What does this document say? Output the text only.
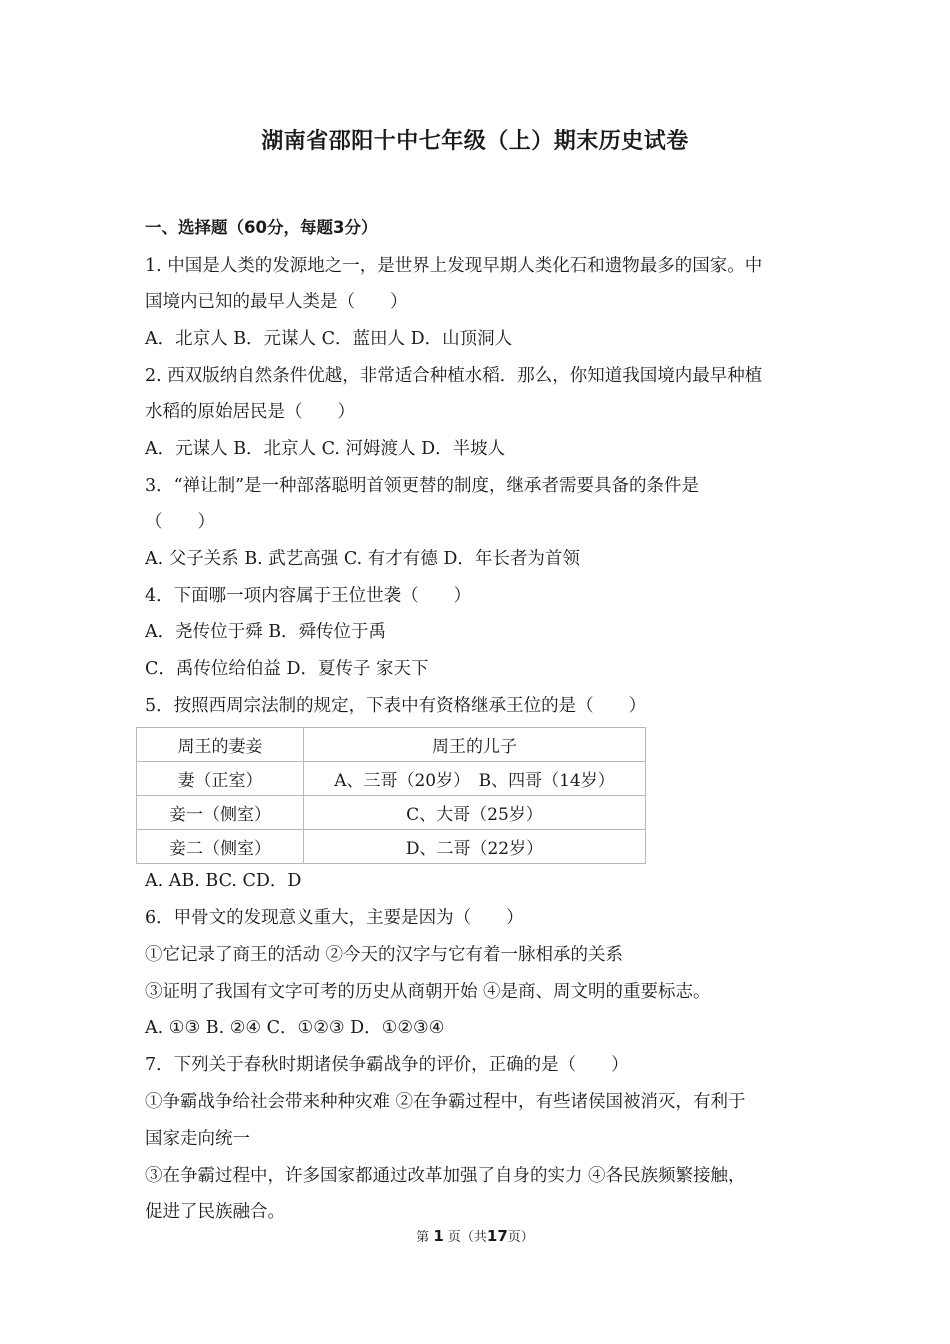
湖南省邵阳十中七年级（上）期末历史试卷
一、选择题（60分，每题3分）
1. 中国是人类的发源地之一，是世界上发现早期人类化石和遗物最多的国家。中
国境内已知的最早人类是（　　）
A．北京人 B．元谋人 C．蓝田人 D．山顶洞人
2. 西双版纳自然条件优越，非常适合种植水稻．那么，你知道我国境内最早种植
水稻的原始居民是（　　）
A．元谋人 B．北京人 C. 河姆渡人 D．半坡人
3．“禅让制”是一种部落聪明首领更替的制度，继承者需要具备的条件是
（　　）
A. 父子关系 B. 武艺高强 C. 有才有德 D．年长者为首领
4．下面哪一项内容属于王位世袭（　　）
A．尧传位于舜 B．舜传位于禹
C．禹传位给伯益 D．夏传子 家天下
5．按照西周宗法制的规定，下表中有资格继承王位的是（　　）
周王的妻妾	周王的儿子
妻（正室）	A、三哥（20岁）　B、四哥（14岁）
妾一（侧室）	C、大哥（25岁）
妾二（侧室）	D、二哥（22岁）
A. AB. BC. CD．D
6．甲骨文的发现意义重大，主要是因为（　　）
①它记录了商王的活动 ②今天的汉字与它有着一脉相承的关系
③证明了我国有文字可考的历史从商朝开始 ④是商、周文明的重要标志。
A. ①③ B. ②④ C．①②③ D．①②③④
7．下列关于春秋时期诸侯争霸战争的评价，正确的是（　　）
①争霸战争给社会带来种种灾难 ②在争霸过程中，有些诸侯国被消灭，有利于
国家走向统一
③在争霸过程中，许多国家都通过改革加强了自身的实力 ④各民族频繁接触，
促进了民族融合。
第 1 页（共17页）
